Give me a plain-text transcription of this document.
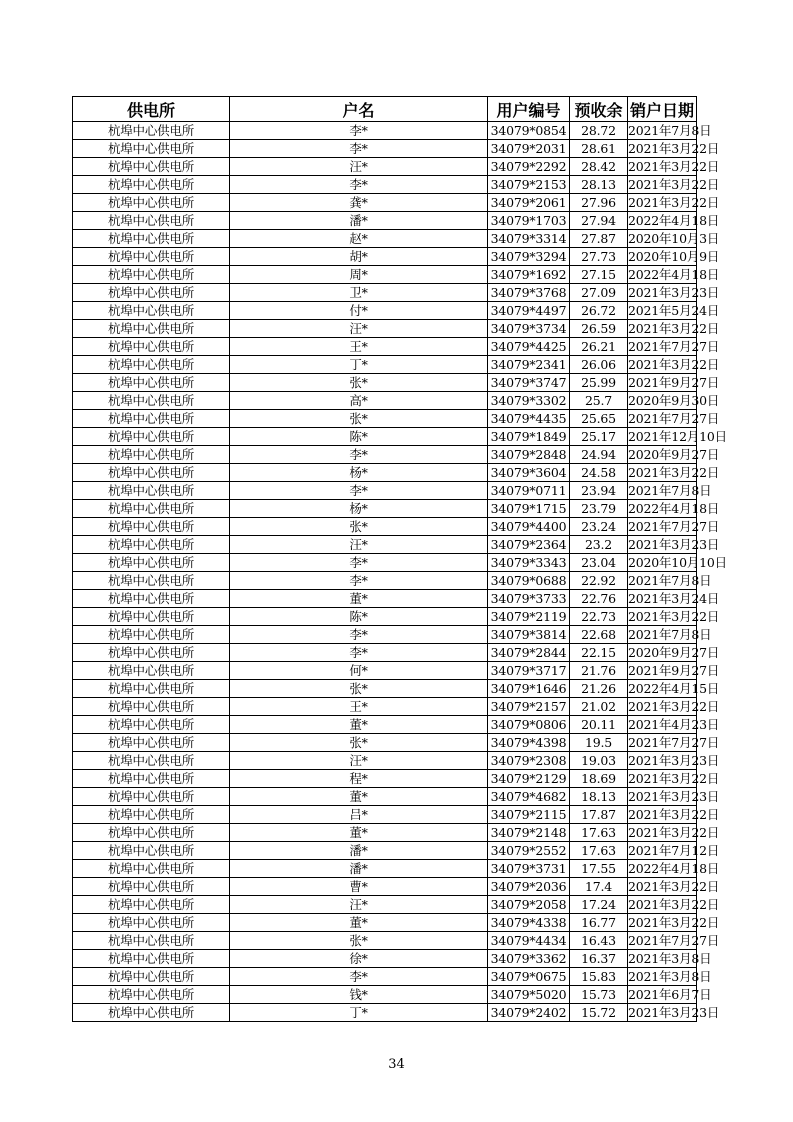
供电所	户名	用户编号	预收余	销户日期
杭埠中心供电所	李*	34079*0854	28.72	2021年7月8日
杭埠中心供电所	李*	34079*2031	28.61	2021年3月22日
杭埠中心供电所	汪*	34079*2292	28.42	2021年3月22日
杭埠中心供电所	李*	34079*2153	28.13	2021年3月22日
杭埠中心供电所	龚*	34079*2061	27.96	2021年3月22日
杭埠中心供电所	潘*	34079*1703	27.94	2022年4月18日
杭埠中心供电所	赵*	34079*3314	27.87	2020年10月3日
杭埠中心供电所	胡*	34079*3294	27.73	2020年10月9日
杭埠中心供电所	周*	34079*1692	27.15	2022年4月18日
杭埠中心供电所	卫*	34079*3768	27.09	2021年3月23日
杭埠中心供电所	付*	34079*4497	26.72	2021年5月24日
杭埠中心供电所	汪*	34079*3734	26.59	2021年3月22日
杭埠中心供电所	王*	34079*4425	26.21	2021年7月27日
杭埠中心供电所	丁*	34079*2341	26.06	2021年3月22日
杭埠中心供电所	张*	34079*3747	25.99	2021年9月27日
杭埠中心供电所	高*	34079*3302	25.7	2020年9月30日
杭埠中心供电所	张*	34079*4435	25.65	2021年7月27日
杭埠中心供电所	陈*	34079*1849	25.17	2021年12月10日
杭埠中心供电所	李*	34079*2848	24.94	2020年9月27日
杭埠中心供电所	杨*	34079*3604	24.58	2021年3月22日
杭埠中心供电所	李*	34079*0711	23.94	2021年7月8日
杭埠中心供电所	杨*	34079*1715	23.79	2022年4月18日
杭埠中心供电所	张*	34079*4400	23.24	2021年7月27日
杭埠中心供电所	汪*	34079*2364	23.2	2021年3月23日
杭埠中心供电所	李*	34079*3343	23.04	2020年10月10日
杭埠中心供电所	李*	34079*0688	22.92	2021年7月8日
杭埠中心供电所	董*	34079*3733	22.76	2021年3月24日
杭埠中心供电所	陈*	34079*2119	22.73	2021年3月22日
杭埠中心供电所	李*	34079*3814	22.68	2021年7月8日
杭埠中心供电所	李*	34079*2844	22.15	2020年9月27日
杭埠中心供电所	何*	34079*3717	21.76	2021年9月27日
杭埠中心供电所	张*	34079*1646	21.26	2022年4月15日
杭埠中心供电所	王*	34079*2157	21.02	2021年3月22日
杭埠中心供电所	董*	34079*0806	20.11	2021年4月23日
杭埠中心供电所	张*	34079*4398	19.5	2021年7月27日
杭埠中心供电所	汪*	34079*2308	19.03	2021年3月23日
杭埠中心供电所	程*	34079*2129	18.69	2021年3月22日
杭埠中心供电所	董*	34079*4682	18.13	2021年3月23日
杭埠中心供电所	吕*	34079*2115	17.87	2021年3月22日
杭埠中心供电所	董*	34079*2148	17.63	2021年3月22日
杭埠中心供电所	潘*	34079*2552	17.63	2021年7月12日
杭埠中心供电所	潘*	34079*3731	17.55	2022年4月18日
杭埠中心供电所	曹*	34079*2036	17.4	2021年3月22日
杭埠中心供电所	汪*	34079*2058	17.24	2021年3月22日
杭埠中心供电所	董*	34079*4338	16.77	2021年3月22日
杭埠中心供电所	张*	34079*4434	16.43	2021年7月27日
杭埠中心供电所	徐*	34079*3362	16.37	2021年3月8日
杭埠中心供电所	李*	34079*0675	15.83	2021年3月8日
杭埠中心供电所	钱*	34079*5020	15.73	2021年6月7日
杭埠中心供电所	丁*	34079*2402	15.72	2021年3月23日
34
